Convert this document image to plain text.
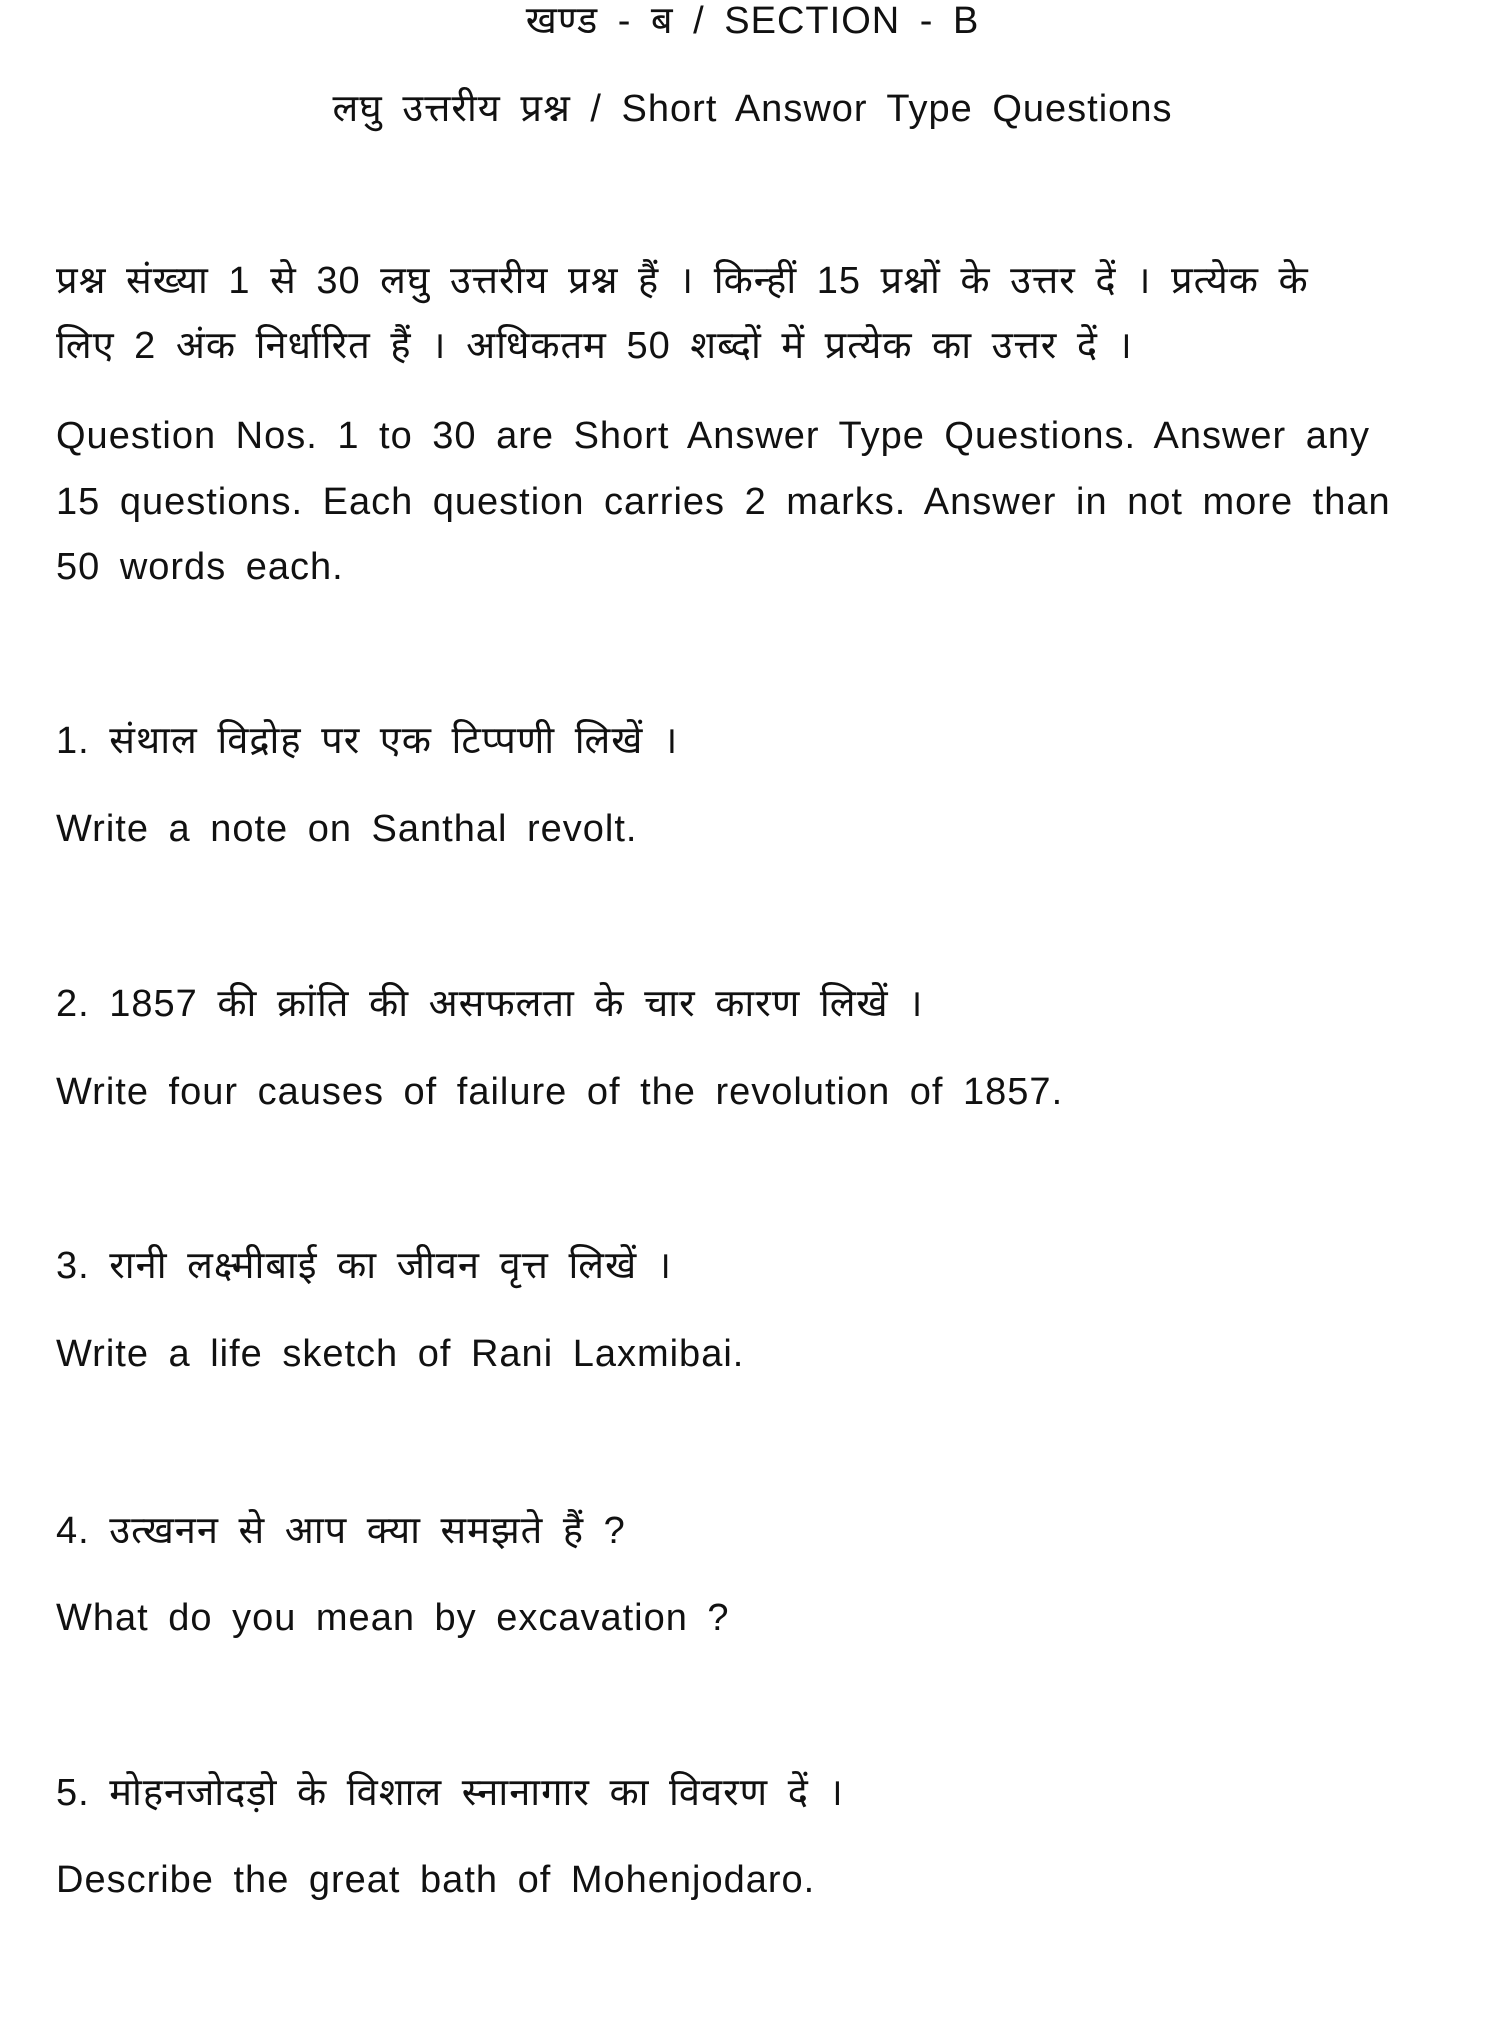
खण्ड - ब / SECTION - B
लघु उत्तरीय प्रश्न / Short Answor Type Questions
प्रश्न संख्या 1 से 30 लघु उत्तरीय प्रश्न हैं । किन्हीं 15 प्रश्नों के उत्तर दें । प्रत्येक के
लिए 2 अंक निर्धारित हैं । अधिकतम 50 शब्दों में प्रत्येक का उत्तर दें ।
Question Nos. 1 to 30 are Short Answer Type Questions. Answer any
15 questions. Each question carries 2 marks. Answer in not more than
50 words each.
1. संथाल विद्रोह पर एक टिप्पणी लिखें ।
Write a note on Santhal revolt.
2. 1857 की क्रांति की असफलता के चार कारण लिखें ।
Write four causes of failure of the revolution of 1857.
3. रानी लक्ष्मीबाई का जीवन वृत्त लिखें ।
Write a life sketch of Rani Laxmibai.
4. उत्खनन से आप क्या समझते हैं ?
What do you mean by excavation ?
5. मोहनजोदड़ो के विशाल स्नानागार का विवरण दें ।
Describe the great bath of Mohenjodaro.
